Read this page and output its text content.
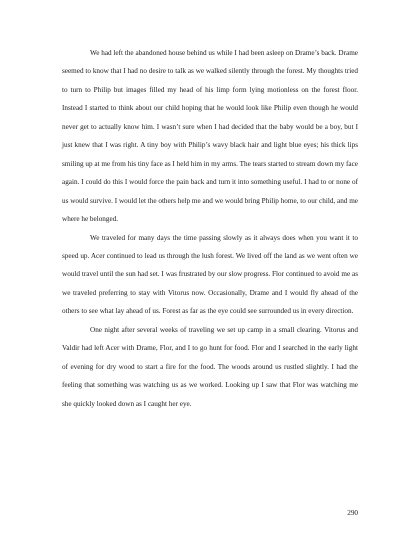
We had left the abandoned house behind us while I had been asleep on Drame’s back. Drame seemed to know that I had no desire to talk as we walked silently through the forest. My thoughts tried to turn to Philip but images filled my head of his limp form lying motionless on the forest floor. Instead I started to think about our child hoping that he would look like Philip even though he would never get to actually know him. I wasn’t sure when I had decided that the baby would be a boy, but I just knew that I was right. A tiny boy with Philip’s wavy black hair and light blue eyes; his thick lips smiling up at me from his tiny face as I held him in my arms. The tears started to stream down my face again. I could do this I would force the pain back and turn it into something useful. I had to or none of us would survive. I would let the others help me and we would bring Philip home, to our child, and me where he belonged.

We traveled for many days the time passing slowly as it always does when you want it to speed up. Acer continued to lead us through the lush forest. We lived off the land as we went often we would travel until the sun had set. I was frustrated by our slow progress. Flor continued to avoid me as we traveled preferring to stay with Vitorus now. Occasionally, Drame and I would fly ahead of the others to see what lay ahead of us. Forest as far as the eye could see surrounded us in every direction.

One night after several weeks of traveling we set up camp in a small clearing. Vitorus and Valdir had left Acer with Drame, Flor, and I to go hunt for food. Flor and I searched in the early light of evening for dry wood to start a fire for the food. The woods around us rustled slightly. I had the feeling that something was watching us as we worked. Looking up I saw that Flor was watching me she quickly looked down as I caught her eye.

290
